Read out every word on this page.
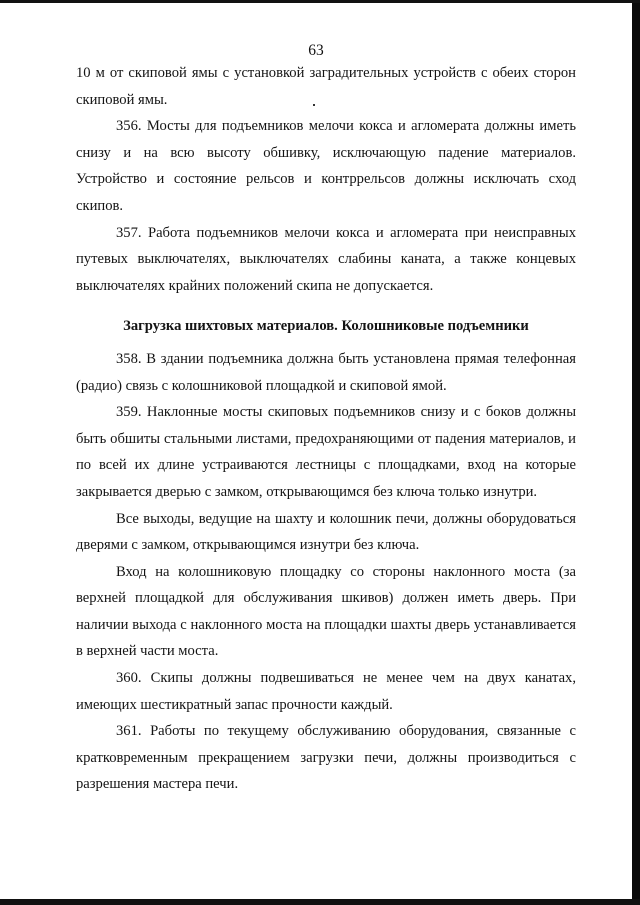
63

10 м от скиповой ямы с установкой заградительных устройств с обеих сторон скиповой ямы.

356. Мосты для подъемников мелочи кокса и агломерата должны иметь снизу и на всю высоту обшивку, исключающую падение материалов. Устройство и состояние рельсов и контррельсов должны исключать сход скипов.

357. Работа подъемников мелочи кокса и агломерата при неисправных путевых выключателях, выключателях слабины каната, а также концевых выключателях крайних положений скипа не допускается.

Загрузка шихтовых материалов. Колошниковые подъемники

358. В здании подъемника должна быть установлена прямая телефонная (радио) связь с колошниковой площадкой и скиповой ямой.

359. Наклонные мосты скиповых подъемников снизу и с боков должны быть обшиты стальными листами, предохраняющими от падения материалов, и по всей их длине устраиваются лестницы с площадками, вход на которые закрывается дверью с замком, открывающимся без ключа только изнутри.

Все выходы, ведущие на шахту и колошник печи, должны оборудоваться дверями с замком, открывающимся изнутри без ключа.

Вход на колошниковую площадку со стороны наклонного моста (за верхней площадкой для обслуживания шкивов) должен иметь дверь. При наличии выхода с наклонного моста на площадки шахты дверь устанавливается в верхней части моста.

360. Скипы должны подвешиваться не менее чем на двух канатах, имеющих шестикратный запас прочности каждый.

361. Работы по текущему обслуживанию оборудования, связанные с кратковременным прекращением загрузки печи, должны производиться с разрешения мастера печи.
